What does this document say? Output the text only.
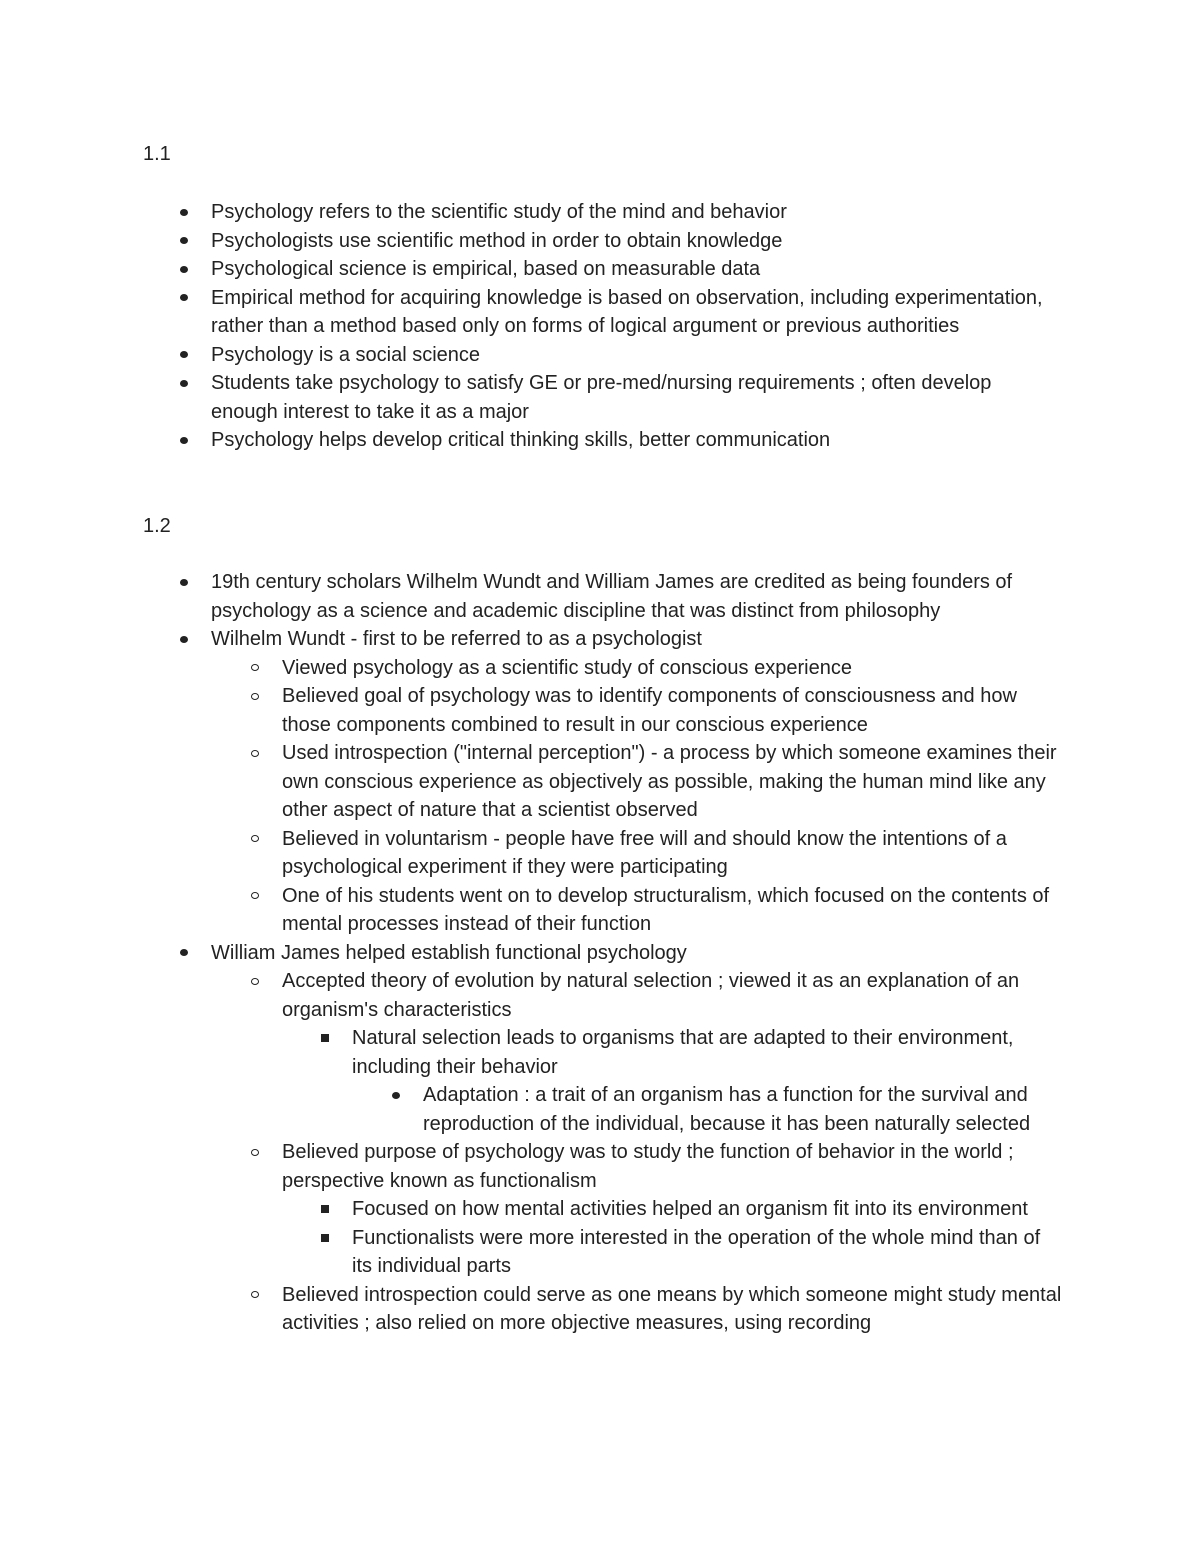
1.1
Psychology refers to the scientific study of the mind and behavior
Psychologists use scientific method in order to obtain knowledge
Psychological science is empirical, based on measurable data
Empirical method for acquiring knowledge is based on observation, including experimentation, rather than a method based only on forms of logical argument or previous authorities
Psychology is a social science
Students take psychology to satisfy GE or pre-med/nursing requirements ; often develop enough interest to take it as a major
Psychology helps develop critical thinking skills, better communication
1.2
19th century scholars Wilhelm Wundt and William James are credited as being founders of psychology as a science and academic discipline that was distinct from philosophy
Wilhelm Wundt - first to be referred to as a psychologist
Viewed psychology as a scientific study of conscious experience
Believed goal of psychology was to identify components of consciousness and how those components combined to result in our conscious experience
Used introspection ("internal perception") - a process by which someone examines their own conscious experience as objectively as possible, making the human mind like any other aspect of nature that a scientist observed
Believed in voluntarism - people have free will and should know the intentions of a psychological experiment if they were participating
One of his students went on to develop structuralism, which focused on the contents of mental processes instead of their function
William James helped establish functional psychology
Accepted theory of evolution by natural selection ; viewed it as an explanation of an organism's characteristics
Natural selection leads to organisms that are adapted to their environment, including their behavior
Adaptation : a trait of an organism has a function for the survival and reproduction of the individual, because it has been naturally selected
Believed purpose of psychology was to study the function of behavior in the world ; perspective known as functionalism
Focused on how mental activities helped an organism fit into its environment
Functionalists were more interested in the operation of the whole mind than of its individual parts
Believed introspection could serve as one means by which someone might study mental activities ; also relied on more objective measures, using recording
